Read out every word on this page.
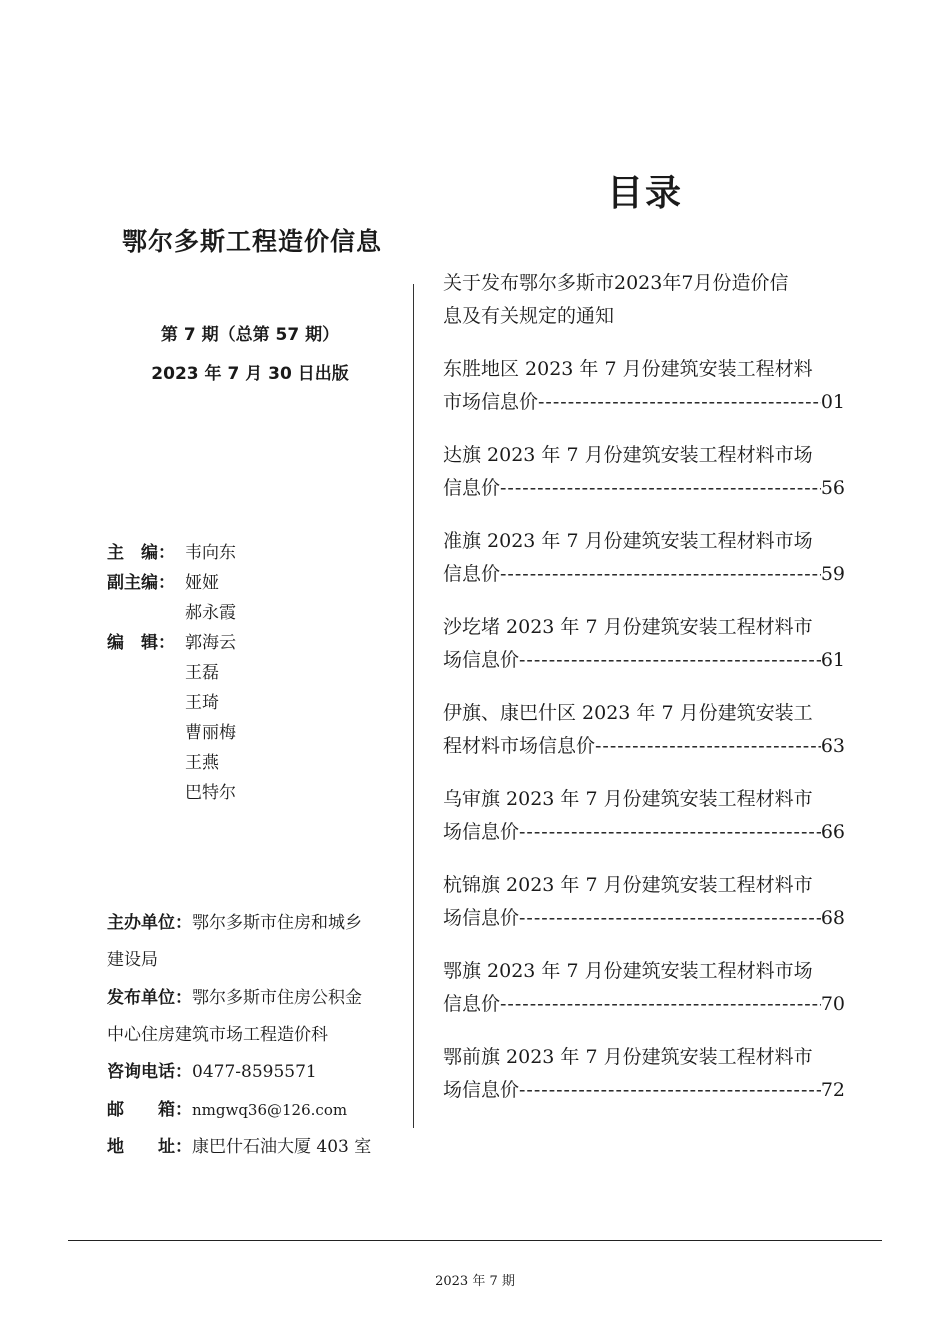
目录
鄂尔多斯工程造价信息
第 7 期（总第 57 期）
2023 年 7 月 30 日出版
主　编： 韦向东
副主编： 娅娅
郝永霞
编　辑： 郭海云
王磊
王琦
曹丽梅
王燕
巴特尔
主办单位：鄂尔多斯市住房和城乡
建设局
发布单位：鄂尔多斯市住房公积金
中心住房建筑市场工程造价科
咨询电话：0477-8595571
邮　　箱：nmgwq36@126.com
地　　址：康巴什石油大厦 403 室
关于发布鄂尔多斯市2023年7月份造价信
息及有关规定的通知
东胜地区 2023 年 7 月份建筑安装工程材料
市场信息价 -----	01
达旗 2023 年 7 月份建筑安装工程材料市场
信息价 -----	56
准旗 2023 年 7 月份建筑安装工程材料市场
信息价 -----	59
沙圪堵 2023 年 7 月份建筑安装工程材料市
场信息价 -----	61
伊旗、康巴什区 2023 年 7 月份建筑安装工
程材料市场信息价 -----	63
乌审旗 2023 年 7 月份建筑安装工程材料市
场信息价 -----	66
杭锦旗 2023 年 7 月份建筑安装工程材料市
场信息价 -----	68
鄂旗 2023 年 7 月份建筑安装工程材料市场
信息价 -----	70
鄂前旗 2023 年 7 月份建筑安装工程材料市
场信息价 -----	72
2023 年 7 期
